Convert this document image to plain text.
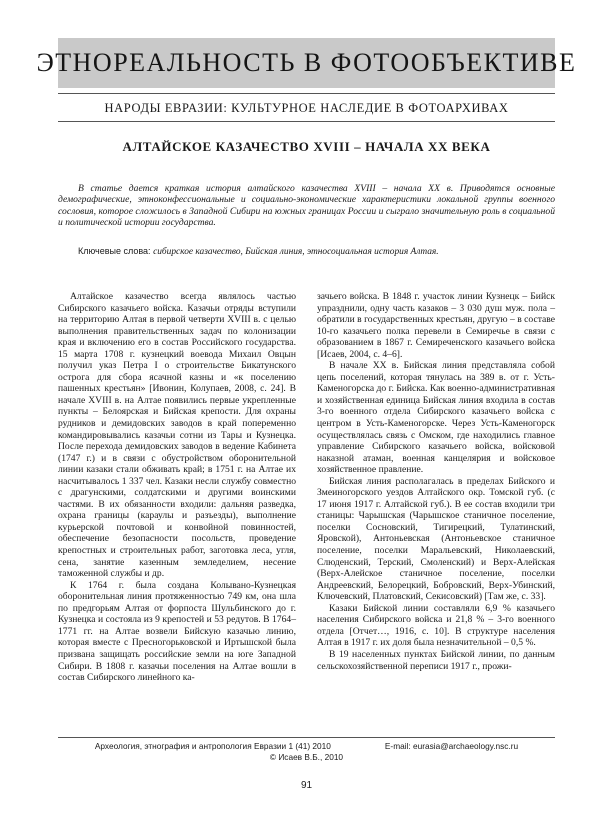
ЭТНОРЕАЛЬНОСТЬ В ФОТООБЪЕКТИВЕ
НАРОДЫ ЕВРАЗИИ: КУЛЬТУРНОЕ НАСЛЕДИЕ В ФОТОАРХИВАХ
АЛТАЙСКОЕ КАЗАЧЕСТВО XVIII – НАЧАЛА XX ВЕКА

В статье дается краткая история алтайского казачества XVIII – начала XX в. Приводятся основные демографические, этноконфессиональные и социально-экономические характеристики локальной группы военного сословия, которое сложилось в Западной Сибири на южных границах России и сыграло значительную роль в социальной и политической истории государства.

Ключевые слова: сибирское казачество, Бийская линия, этносоциальная история Алтая.

Алтайское казачество всегда являлось частью Сибирского казачьего войска. Казачьи отряды вступили на территорию Алтая в первой четверти XVIII в. с целью выполнения правительственных задач по колонизации края и включению его в состав Российского государства. 15 марта 1708 г. кузнецкий воевода Михаил Овцын получил указ Петра I о строительстве Бикатунского острога для сбора ясачной казны и «к поселению пашенных крестьян» [Ивонин, Колупаев, 2008, с. 24]. В начале XVIII в. на Алтае появились первые укрепленные пункты – Белоярская и Бийская крепости. Для охраны рудников и демидовских заводов в край попеременно командировывались казачьи сотни из Тары и Кузнецка. После перехода демидовских заводов в ведение Кабинета (1747 г.) и в связи с обустройством оборонительной линии казаки стали обживать край; в 1751 г. на Алтае их насчитывалось 1 337 чел. Казаки несли службу совместно с драгунскими, солдатскими и другими воинскими частями. В их обязанности входили: дальняя разведка, охрана границы (караулы и разъезды), выполнение курьерской почтовой и конвойной повинностей, обеспечение безопасности посольств, проведение крепостных и строительных работ, заготовка леса, угля, сена, занятие казенным земледелием, несение таможенной службы и др.

К 1764 г. была создана Колывано-Кузнецкая оборонительная линия протяженностью 749 км, она шла по предгорьям Алтая от форпоста Шульбинского до г. Кузнецка и состояла из 9 крепостей и 53 редутов. В 1764–1771 гг. на Алтае возвели Бийскую казачью линию, которая вместе с Пресногорьковской и Иртышской была призвана защищать российские земли на юге Западной Сибири. В 1808 г. казачьи поселения на Алтае вошли в состав Сибирского линейного ка-

зачьего войска. В 1848 г. участок линии Кузнецк – Бийск упразднили, одну часть казаков – 3 030 душ муж. пола – обратили в государственных крестьян, другую – в составе 10-го казачьего полка перевели в Семиречье в связи с образованием в 1867 г. Семиреченского казачьего войска [Исаев, 2004, с. 4–6].

В начале XX в. Бийская линия представляла собой цепь поселений, которая тянулась на 389 в. от г. Усть-Каменогорска до г. Бийска. Как военно-административная и хозяйственная единица Бийская линия входила в состав 3-го военного отдела Сибирского казачьего войска с центром в Усть-Каменогорске. Через Усть-Каменогорск осуществлялась связь с Омском, где находились главное управление Сибирского казачьего войска, войсковой наказной атаман, военная канцелярия и войсковое хозяйственное правление.

Бийская линия располагалась в пределах Бийского и Змеиногорского уездов Алтайского окр. Томской губ. (с 17 июня 1917 г. Алтайской губ.). В ее состав входили три станицы: Чарышская (Чарышское станичное поселение, поселки Сосновский, Тигирецкий, Тулатинский, Яровской), Антоньевская (Антоньевское станичное поселение, поселки Маральевский, Николаевский, Слюденский, Терский, Смоленский) и Верх-Алейская (Верх-Алейское станичное поселение, поселки Андреевский, Белорецкий, Бобровский, Верх-Убинский, Ключевский, Платовский, Секисовский) [Там же, с. 33].

Казаки Бийской линии составляли 6,9 % казачьего населения Сибирского войска и 21,8 % – 3-го военного отдела [Отчет…, 1916, с. 10]. В структуре населения Алтая в 1917 г. их доля была незначительной – 0,5 %.

В 19 населенных пунктах Бийской линии, по данным сельскохозяйственной переписи 1917 г., прожи-

Археология, этнография и антропология Евразии 1 (41) 2010	E-mail: eurasia@archaeology.nsc.ru
© Исаев В.Б., 2010
91
